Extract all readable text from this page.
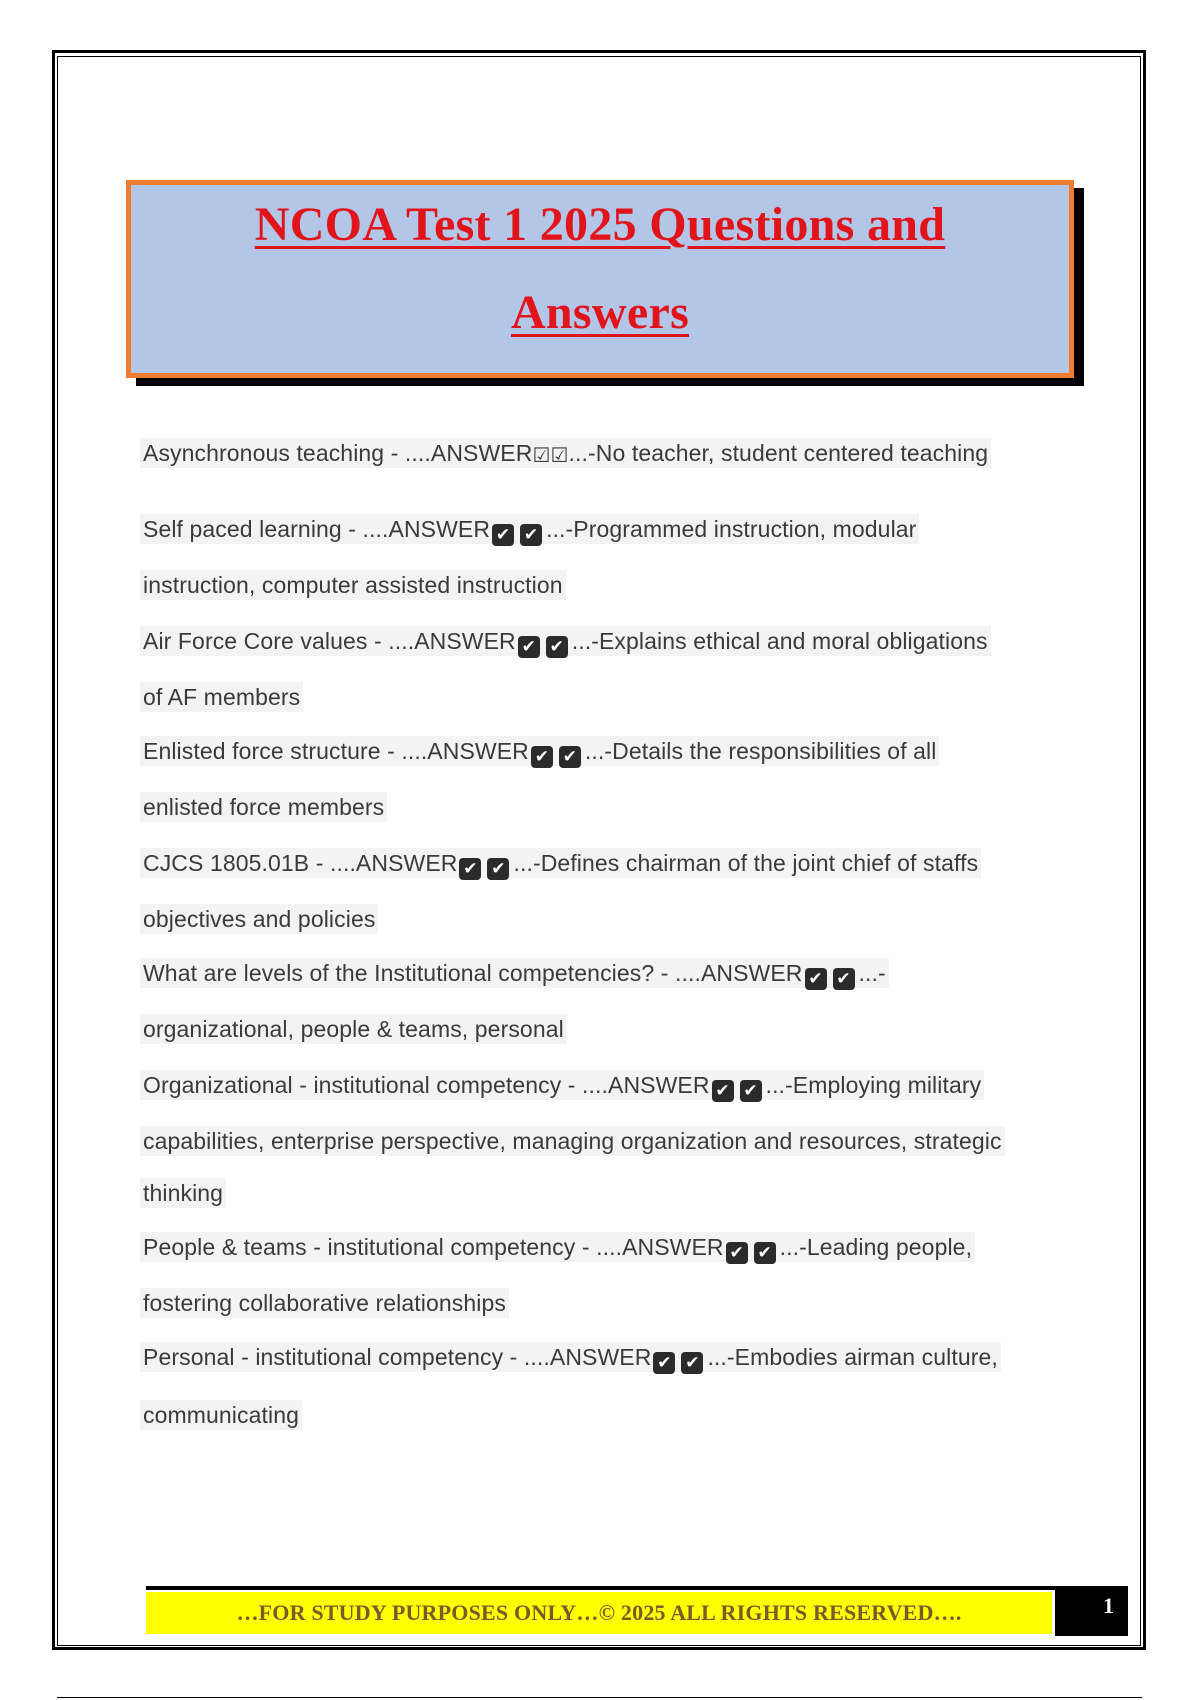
NCOA Test 1 2025 Questions and
Answers
Asynchronous teaching - ....ANSWER☑☑...-No teacher, student centered teaching
Self paced learning - ....ANSWER ✔ ✔ ...-Programmed instruction, modular
instruction, computer assisted instruction
Air Force Core values - ....ANSWER ✔ ✔ ...-Explains ethical and moral obligations
of AF members
Enlisted force structure - ....ANSWER ✔ ✔ ...-Details the responsibilities of all
enlisted force members
CJCS 1805.01B - ....ANSWER ✔ ✔ ...-Defines chairman of the joint chief of staffs
objectives and policies
What are levels of the Institutional competencies? - ....ANSWER ✔ ✔ ...-
organizational, people & teams, personal
Organizational - institutional competency - ....ANSWER ✔ ✔ ...-Employing military
capabilities, enterprise perspective, managing organization and resources, strategic
thinking
People & teams - institutional competency - ....ANSWER ✔ ✔ ...-Leading people,
fostering collaborative relationships
Personal - institutional competency - ....ANSWER ✔ ✔ ...-Embodies airman culture,
communicating
…FOR STUDY PURPOSES ONLY…© 2025 ALL RIGHTS RESERVED….	1
